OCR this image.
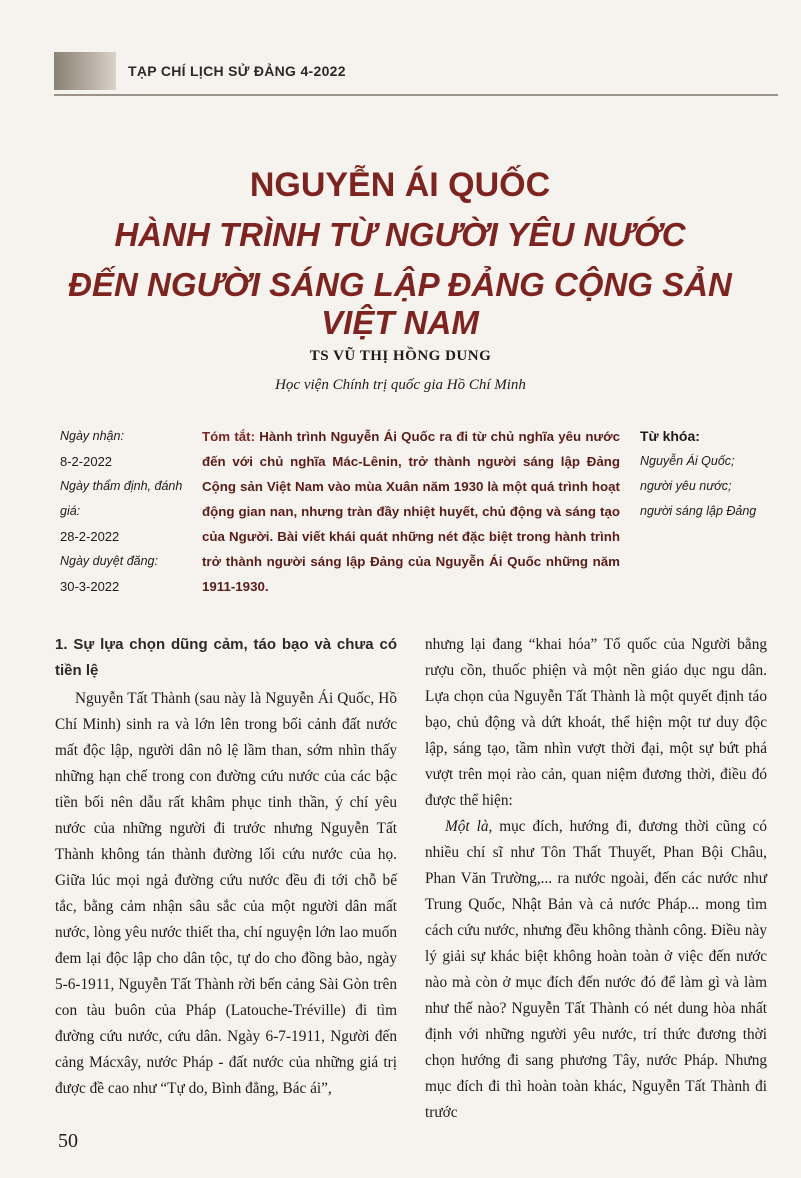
TẠP CHÍ LỊCH SỬ ĐẢNG 4-2022
NGUYỄN ÁI QUỐC
HÀNH TRÌNH TỪ NGƯỜI YÊU NƯỚC
ĐẾN NGƯỜI SÁNG LẬP ĐẢNG CỘNG SẢN VIỆT NAM
TS VŨ THỊ HỒNG DUNG
Học viện Chính trị quốc gia Hồ Chí Minh
Ngày nhận:
8-2-2022
Ngày thẩm định, đánh giá:
28-2-2022
Ngày duyệt đăng:
30-3-2022
Tóm tắt: Hành trình Nguyễn Ái Quốc ra đi từ chủ nghĩa yêu nước đến với chủ nghĩa Mác-Lênin, trở thành người sáng lập Đảng Cộng sản Việt Nam vào mùa Xuân năm 1930 là một quá trình hoạt động gian nan, nhưng tràn đầy nhiệt huyết, chủ động và sáng tạo của Người. Bài viết khái quát những nét đặc biệt trong hành trình trở thành người sáng lập Đảng của Nguyễn Ái Quốc những năm 1911-1930.
Từ khóa:
Nguyễn Ái Quốc;
người yêu nước;
người sáng lập Đảng
1. Sự lựa chọn dũng cảm, táo bạo và chưa có tiền lệ

Nguyễn Tất Thành (sau này là Nguyễn Ái Quốc, Hồ Chí Minh) sinh ra và lớn lên trong bối cảnh đất nước mất độc lập, người dân nô lệ lầm than, sớm nhìn thấy những hạn chế trong con đường cứu nước của các bậc tiền bối nên dẫu rất khâm phục tinh thần, ý chí yêu nước của những người đi trước nhưng Nguyễn Tất Thành không tán thành đường lối cứu nước của họ. Giữa lúc mọi ngả đường cứu nước đều đi tới chỗ bế tắc, bằng cảm nhận sâu sắc của một người dân mất nước, lòng yêu nước thiết tha, chí nguyện lớn lao muốn đem lại độc lập cho dân tộc, tự do cho đồng bào, ngày 5-6-1911, Nguyễn Tất Thành rời bến cảng Sài Gòn trên con tàu buôn của Pháp (Latouche-Tréville) đi tìm đường cứu nước, cứu dân. Ngày 6-7-1911, Người đến cảng Mácxây, nước Pháp - đất nước của những giá trị được đề cao như “Tự do, Bình đẳng, Bác ái”,

nhưng lại đang “khai hóa” Tổ quốc của Người bằng rượu cồn, thuốc phiện và một nền giáo dục ngu dân. Lựa chọn của Nguyễn Tất Thành là một quyết định táo bạo, chủ động và dứt khoát, thể hiện một tư duy độc lập, sáng tạo, tầm nhìn vượt thời đại, một sự bứt phá vượt trên mọi rào cản, quan niệm đương thời, điều đó được thể hiện:

Một là, mục đích, hướng đi, đương thời cũng có nhiều chí sĩ như Tôn Thất Thuyết, Phan Bội Châu, Phan Văn Trường,... ra nước ngoài, đến các nước như Trung Quốc, Nhật Bản và cả nước Pháp... mong tìm cách cứu nước, nhưng đều không thành công. Điều này lý giải sự khác biệt không hoàn toàn ở việc đến nước nào mà còn ở mục đích đến nước đó để làm gì và làm như thế nào? Nguyễn Tất Thành có nét dung hòa nhất định với những người yêu nước, trí thức đương thời chọn hướng đi sang phương Tây, nước Pháp. Nhưng mục đích đi thì hoàn toàn khác, Nguyễn Tất Thành đi trước

50
